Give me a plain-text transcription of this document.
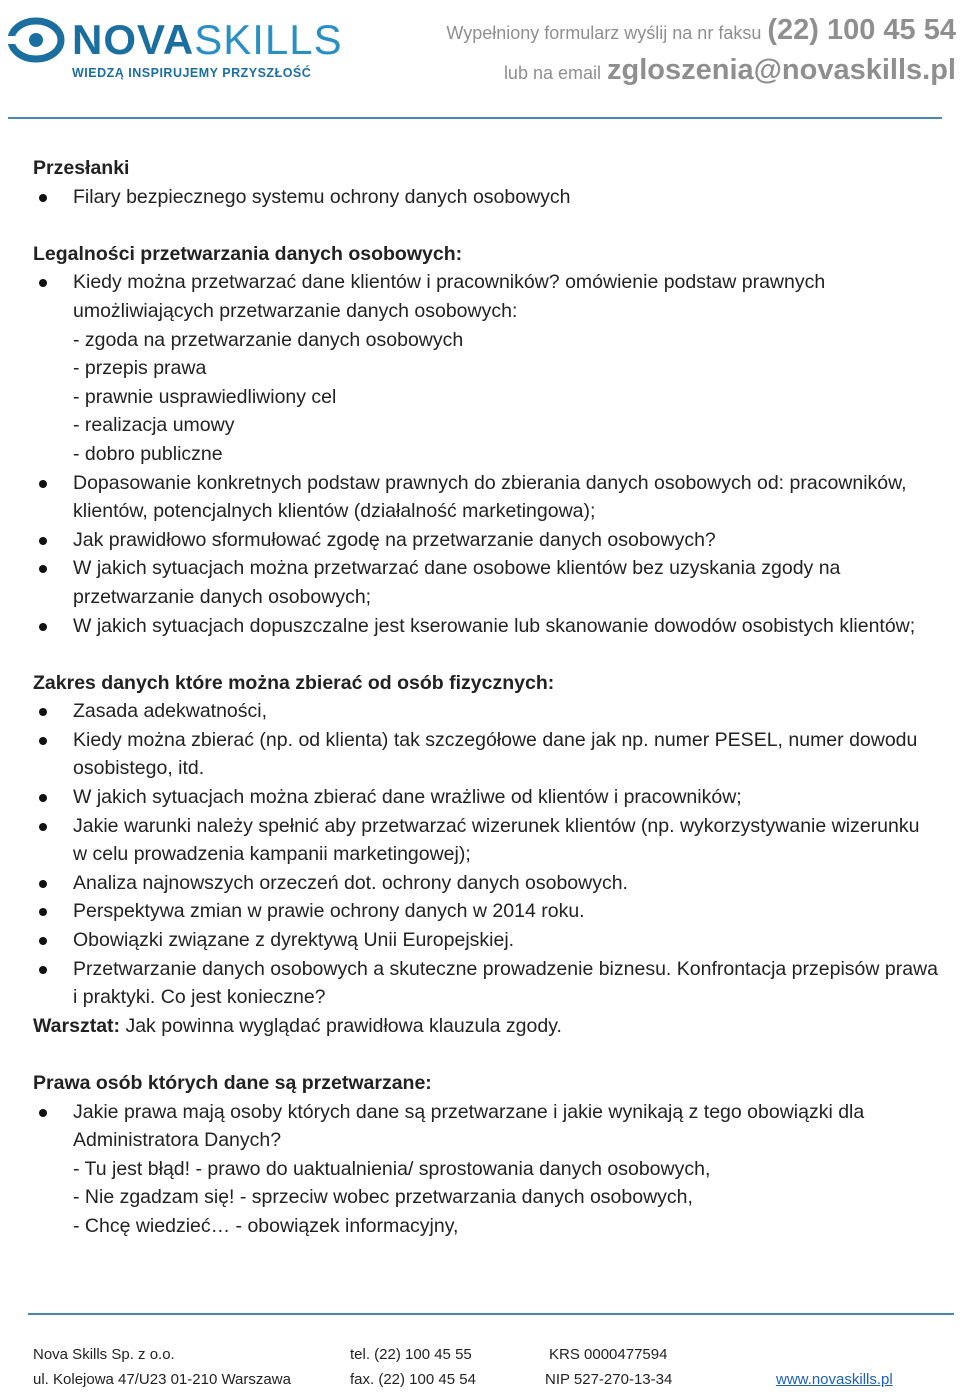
NOVASKILLS
WIEDZĄ INSPIRUJEMY PRZYSZŁOŚĆ
Wypełniony formularz wyślij na nr faksu (22) 100 45 54
lub na email zgloszenia@novaskills.pl

Przesłanki

Filary bezpiecznego systemu ochrony danych osobowych

Legalności przetwarzania danych osobowych:

Kiedy można przetwarzać dane klientów i pracowników? omówienie podstaw prawnych umożliwiających przetwarzanie danych osobowych:
- zgoda na przetwarzanie danych osobowych
- przepis prawa
- prawnie usprawiedliwiony cel
- realizacja umowy
- dobro publiczne
Dopasowanie konkretnych podstaw prawnych do zbierania danych osobowych od: pracowników, klientów, potencjalnych klientów (działalność marketingowa);
Jak prawidłowo sformułować zgodę na przetwarzanie danych osobowych?
W jakich sytuacjach można przetwarzać dane osobowe klientów bez uzyskania zgody na przetwarzanie danych osobowych;
W jakich sytuacjach dopuszczalne jest kserowanie lub skanowanie dowodów osobistych klientów;

Zakres danych które można zbierać od osób fizycznych:

Zasada adekwatności,
Kiedy można zbierać (np. od klienta) tak szczegółowe dane jak np. numer PESEL, numer dowodu osobistego, itd.
W jakich sytuacjach można zbierać dane wrażliwe od klientów i pracowników;
Jakie warunki należy spełnić aby przetwarzać wizerunek klientów (np. wykorzystywanie wizerunku w celu prowadzenia kampanii marketingowej);
Analiza najnowszych orzeczeń dot. ochrony danych osobowych.
Perspektywa zmian w prawie ochrony danych w 2014 roku.
Obowiązki związane z dyrektywą Unii Europejskiej.
Przetwarzanie danych osobowych a skuteczne prowadzenie biznesu. Konfrontacja przepisów prawa i praktyki. Co jest konieczne?
Warsztat: Jak powinna wyglądać prawidłowa klauzula zgody.

Prawa osób których dane są przetwarzane:

Jakie prawa mają osoby których dane są przetwarzane i jakie wynikają z tego obowiązki dla Administratora Danych?
- Tu jest błąd! - prawo do uaktualnienia/ sprostowania danych osobowych,
- Nie zgadzam się! - sprzeciw wobec przetwarzania danych osobowych,
- Chcę wiedzieć… - obowiązek informacyjny,
Nova Skills Sp. z o.o.
ul. Kolejowa 47/U23 01-210 Warszawa
tel. (22) 100 45 55
fax. (22) 100 45 54
KRS 0000477594
NIP 527-270-13-34	www.novaskills.pl
